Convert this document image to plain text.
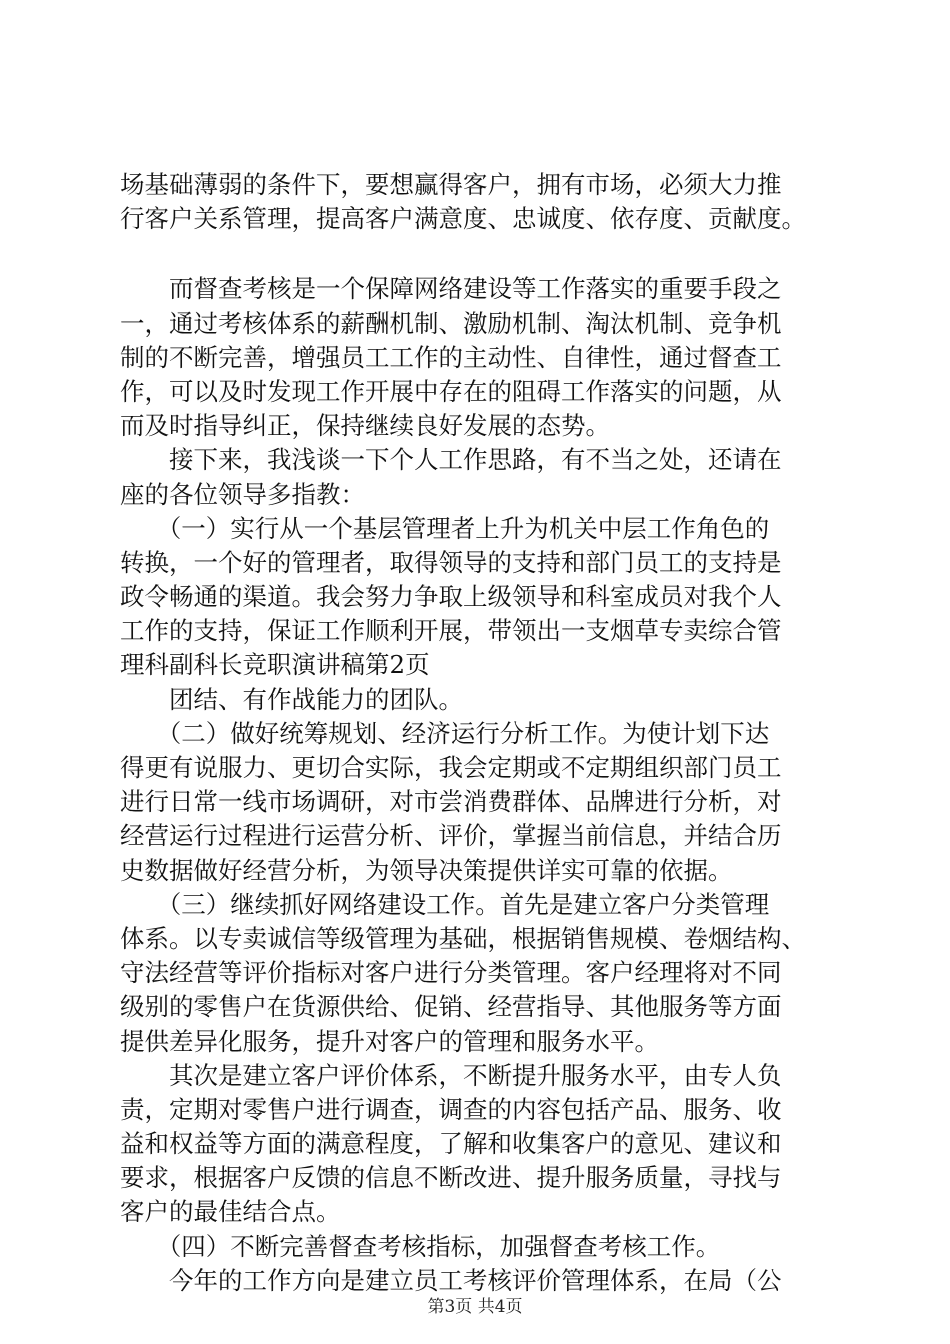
场基础薄弱的条件下，要想赢得客户，拥有市场，必须大力推
行客户关系管理，提高客户满意度、忠诚度、依存度、贡献度。
　　而督查考核是一个保障网络建设等工作落实的重要手段之
一，通过考核体系的薪酬机制、激励机制、淘汰机制、竞争机
制的不断完善，增强员工工作的主动性、自律性，通过督查工
作，可以及时发现工作开展中存在的阻碍工作落实的问题，从
而及时指导纠正，保持继续良好发展的态势。
　　接下来，我浅谈一下个人工作思路，有不当之处，还请在
座的各位领导多指教：
　　（一）实行从一个基层管理者上升为机关中层工作角色的
转换，一个好的管理者，取得领导的支持和部门员工的支持是
政令畅通的渠道。我会努力争取上级领导和科室成员对我个人
工作的支持，保证工作顺利开展，带领出一支烟草专卖综合管
理科副科长竞职演讲稿第2页
　　团结、有作战能力的团队。
　　（二）做好统筹规划、经济运行分析工作。为使计划下达
得更有说服力、更切合实际，我会定期或不定期组织部门员工
进行日常一线市场调研，对市尝消费群体、品牌进行分析，对
经营运行过程进行运营分析、评价，掌握当前信息，并结合历
史数据做好经营分析，为领导决策提供详实可靠的依据。
　　（三）继续抓好网络建设工作。首先是建立客户分类管理
体系。以专卖诚信等级管理为基础，根据销售规模、卷烟结构、
守法经营等评价指标对客户进行分类管理。客户经理将对不同
级别的零售户在货源供给、促销、经营指导、其他服务等方面
提供差异化服务，提升对客户的管理和服务水平。
　　其次是建立客户评价体系，不断提升服务水平，由专人负
责，定期对零售户进行调查，调查的内容包括产品、服务、收
益和权益等方面的满意程度，了解和收集客户的意见、建议和
要求，根据客户反馈的信息不断改进、提升服务质量，寻找与
客户的最佳结合点。
　　（四）不断完善督查考核指标，加强督查考核工作。
　　今年的工作方向是建立员工考核评价管理体系，在局（公
第3页 共4页
